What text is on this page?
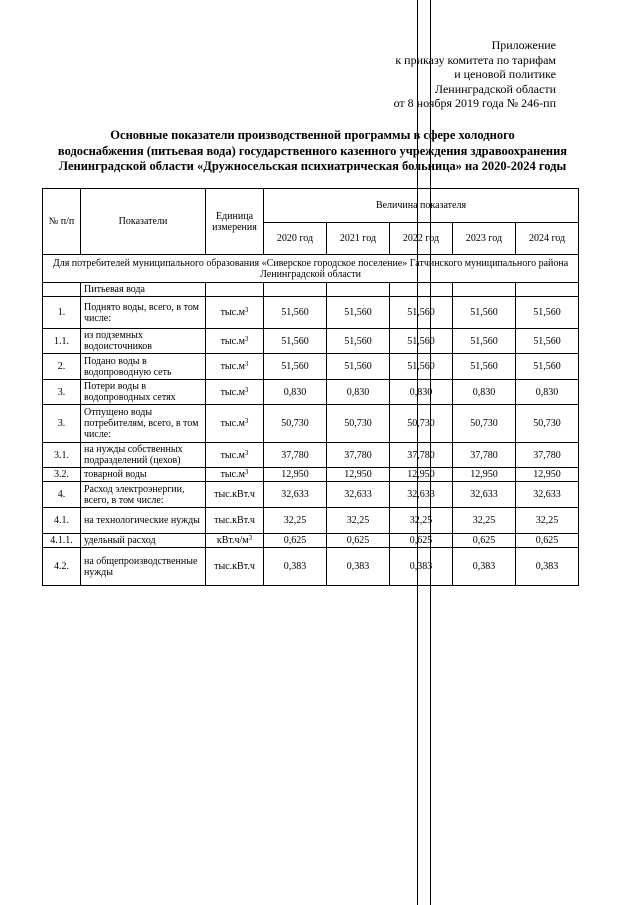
Приложение
к приказу комитета по тарифам
и ценовой политике
Ленинградской области
от 8 ноября 2019 года № 246-пп
Основные показатели производственной программы в сфере холодного
водоснабжения (питьевая вода) государственного казенного учреждения здравоохранения
Ленинградской области «Дружносельская психиатрическая больница» на 2020-2024 годы
№ п/п	Показатели	Единица измерения	Величина показателя				
			2020 год	2021 год	2022 год	2023 год	2024 год
Для потребителей муниципального образования «Сиверское городское поселение» Гатчинского муниципального района Ленинградской области							
	Питьевая вода						
1.	Поднято воды, всего, в том числе:	$тыс.м^3$	51,560	51,560	51,560	51,560	51,560
1.1.	из подземных водоисточников	$тыс.м^3$	51,560	51,560	51,560	51,560	51,560
2.	Подано воды в водопроводную сеть	$тыс.м^3$	51,560	51,560	51,560	51,560	51,560
3.	Потери воды в водопроводных сетях	$тыс.м^3$	0,830	0,830	0,830	0,830	0,830
3.	Отпущено воды потребителям, всего, в том числе:	$тыс.м^3$	50,730	50,730	50,730	50,730	50,730
3.1.	на нужды собственных подразделений (цехов)	$тыс.м^3$	37,780	37,780	37,780	37,780	37,780
3.2.	товарной воды	$тыс.м^3$	12,950	12,950	12,950	12,950	12,950
4.	Расход электроэнергии, всего, в том числе:	тыс.кВт.ч	32,633	32,633	32,633	32,633	32,633
4.1.	на технологические нужды	тыс.кВт.ч	32,25	32,25	32,25	32,25	32,25
4.1.1.	удельный расход	$кВт.ч/м^3$	0,625	0,625	0,625	0,625	0,625
4.2.	на общепроизводственные нужды	тыс.кВт.ч	0,383	0,383	0,383	0,383	0,383
